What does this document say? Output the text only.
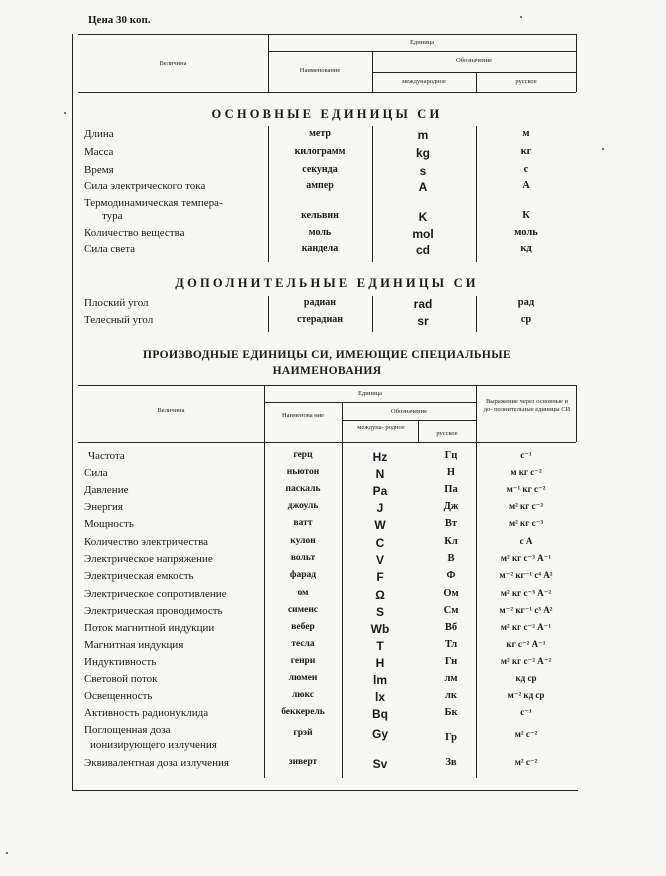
Цена 30 коп.
Величина
Единица
Наименование
Обозначение
международное	русское
ОСНОВНЫЕ ЕДИНИЦЫ СИ
Длина	метр	m	м
Масса	килограмм	kg	кг
Время	секунда	s	с
Сила электрического тока	ампер	A	А
Термодинамическая темпера-
тура	кельвин	K	К
Количество вещества	моль	mol	моль
Сила света	кандела	cd	кд
ДОПОЛНИТЕЛЬНЫЕ ЕДИНИЦЫ СИ
Плоский угол	радиан	rad	рад
Телесный угол	стерадиан	sr	ср
ПРОИЗВОДНЫЕ ЕДИНИЦЫ СИ, ИМЕЮЩИЕ СПЕЦИАЛЬНЫЕ
НАИМЕНОВАНИЯ
Величина
Единица
Наименова ние
Обозначение
междуна- родное
русское
Выражение через основные и до- полнительные единицы СИ
Частота	герц	Hz	Гц	с⁻¹
Сила	ньютон	N	Н	м кг с⁻²
Давление	паскаль	Pa	Па	м⁻¹ кг с⁻²
Энергия	джоуль	J	Дж	м² кг с⁻²
Мощность	ватт	W	Вт	м² кг с⁻³
Количество электричества	кулон	C	Кл	с А
Электрическое напряжение	вольт	V	В	м² кг с⁻³ А⁻¹
Электрическая емкость	фарад	F	Ф	м⁻² кг⁻¹ с⁴ А²
Электрическое сопротивление	ом	Ω	Ом	м² кг с⁻³ А⁻²
Электрическая проводимость	сименс	S	См	м⁻² кг⁻¹ с³ А²
Поток магнитной индукции	вебер	Wb	Вб	м² кг с⁻² А⁻¹
Магнитная индукция	тесла	T	Тл	кг с⁻² А⁻¹
Индуктивность	генри	H	Гн	м² кг с⁻² А⁻²
Световой поток	люмен	lm	лм	кд ср
Освещенность	люкс	lx	лк	м⁻² кд ср
Активность радионуклида	беккерель	Bq	Бк	с⁻¹
Поглощенная доза	грэй	Gy	Гр	м² с⁻²
ионизирующего излучения
Эквивалентная доза излучения	зиверт	Sv	Зв	м² с⁻²
